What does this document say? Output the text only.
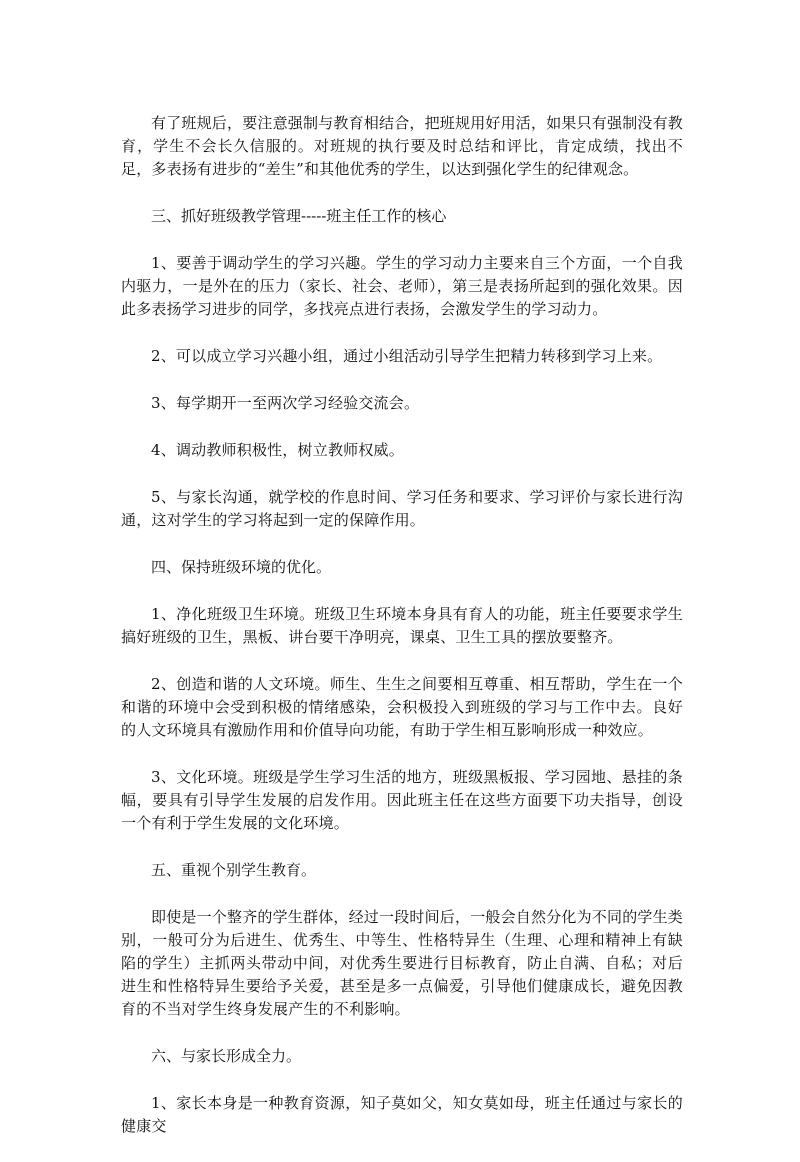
有了班规后，要注意强制与教育相结合，把班规用好用活，如果只有强制没有教育，学生不会长久信服的。对班规的执行要及时总结和评比，肯定成绩，找出不足，多表扬有进步的“差生”和其他优秀的学生，以达到强化学生的纪律观念。

三、抓好班级教学管理-----班主任工作的核心

1、要善于调动学生的学习兴趣。学生的学习动力主要来自三个方面，一个自我内驱力，一是外在的压力（家长、社会、老师），第三是表扬所起到的强化效果。因此多表扬学习进步的同学，多找亮点进行表扬，会激发学生的学习动力。

2、可以成立学习兴趣小组，通过小组活动引导学生把精力转移到学习上来。

3、每学期开一至两次学习经验交流会。

4、调动教师积极性，树立教师权威。

5、与家长沟通，就学校的作息时间、学习任务和要求、学习评价与家长进行沟通，这对学生的学习将起到一定的保障作用。

四、保持班级环境的优化。

1、净化班级卫生环境。班级卫生环境本身具有育人的功能，班主任要要求学生搞好班级的卫生，黑板、讲台要干净明亮，课桌、卫生工具的摆放要整齐。

2、创造和谐的人文环境。师生、生生之间要相互尊重、相互帮助，学生在一个和谐的环境中会受到积极的情绪感染，会积极投入到班级的学习与工作中去。良好的人文环境具有激励作用和价值导向功能，有助于学生相互影响形成一种效应。

3、文化环境。班级是学生学习生活的地方，班级黑板报、学习园地、悬挂的条幅，要具有引导学生发展的启发作用。因此班主任在这些方面要下功夫指导，创设一个有利于学生发展的文化环境。

五、重视个别学生教育。

即使是一个整齐的学生群体，经过一段时间后，一般会自然分化为不同的学生类别，一般可分为后进生、优秀生、中等生、性格特异生（生理、心理和精神上有缺陷的学生）主抓两头带动中间，对优秀生要进行目标教育，防止自满、自私；对后进生和性格特异生要给予关爱，甚至是多一点偏爱，引导他们健康成长，避免因教育的不当对学生终身发展产生的不利影响。

六、与家长形成全力。

1、家长本身是一种教育资源，知子莫如父，知女莫如母，班主任通过与家长的健康交
